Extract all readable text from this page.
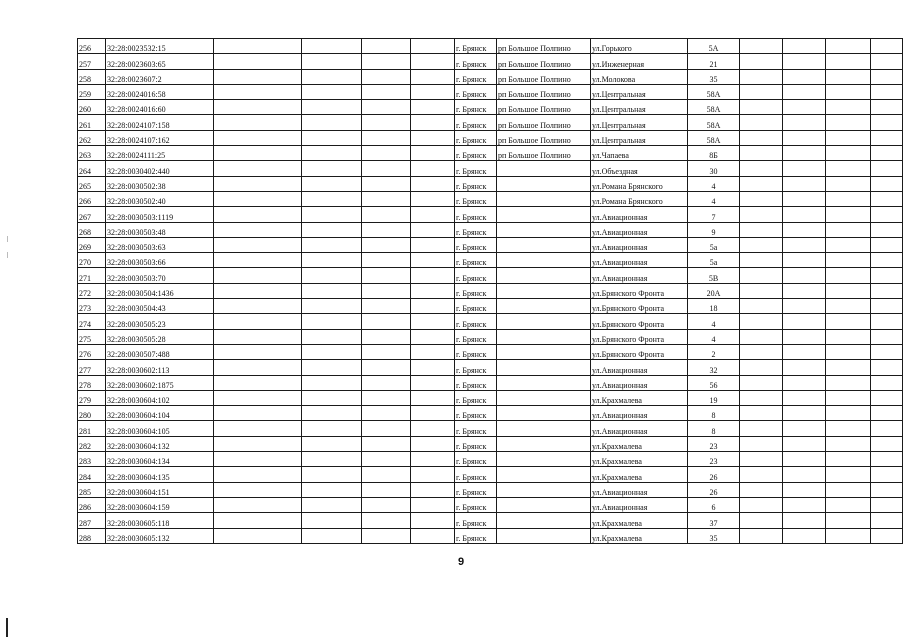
256	32:28:0023532:15					г. Брянск	рп Большое Полпино	ул.Горького	5А				
257	32:28:0023603:65					г. Брянск	рп Большое Полпино	ул.Инженерная	21				
258	32:28:0023607:2					г. Брянск	рп Большое Полпино	ул.Молокова	35				
259	32:28:0024016:58					г. Брянск	рп Большое Полпино	ул.Центральная	58А				
260	32:28:0024016:60					г. Брянск	рп Большое Полпино	ул.Центральная	58А				
261	32:28:0024107:158					г. Брянск	рп Большое Полпино	ул.Центральная	58А				
262	32:28:0024107:162					г. Брянск	рп Большое Полпино	ул.Центральная	58А				
263	32:28:0024111:25					г. Брянск	рп Большое Полпино	ул.Чапаева	8Б				
264	32:28:0030402:440					г. Брянск		ул.Объездная	30				
265	32:28:0030502:38					г. Брянск		ул.Романа Брянского	4				
266	32:28:0030502:40					г. Брянск		ул.Романа Брянского	4				
267	32:28:0030503:1119					г. Брянск		ул.Авиационная	7				
268	32:28:0030503:48					г. Брянск		ул.Авиационная	9				
269	32:28:0030503:63					г. Брянск		ул.Авиационная	5а				
270	32:28:0030503:66					г. Брянск		ул.Авиационная	5а				
271	32:28:0030503:70					г. Брянск		ул.Авиационная	5В				
272	32:28:0030504:1436					г. Брянск		ул.Брянского Фронта	20А				
273	32:28:0030504:43					г. Брянск		ул.Брянского Фронта	18				
274	32:28:0030505:23					г. Брянск		ул.Брянского Фронта	4				
275	32:28:0030505:28					г. Брянск		ул.Брянского Фронта	4				
276	32:28:0030507:488					г. Брянск		ул.Брянского Фронта	2				
277	32:28:0030602:113					г. Брянск		ул.Авиационная	32				
278	32:28:0030602:1875					г. Брянск		ул.Авиационная	56				
279	32:28:0030604:102					г. Брянск		ул.Крахмалева	19				
280	32:28:0030604:104					г. Брянск		ул.Авиационная	8				
281	32:28:0030604:105					г. Брянск		ул.Авиационная	8				
282	32:28:0030604:132					г. Брянск		ул.Крахмалева	23				
283	32:28:0030604:134					г. Брянск		ул.Крахмалева	23				
284	32:28:0030604:135					г. Брянск		ул.Крахмалева	26				
285	32:28:0030604:151					г. Брянск		ул.Авиационная	26				
286	32:28:0030604:159					г. Брянск		ул.Авиационная	6				
287	32:28:0030605:118					г. Брянск		ул.Крахмалева	37				
288	32:28:0030605:132					г. Брянск		ул.Крахмалева	35				
9
